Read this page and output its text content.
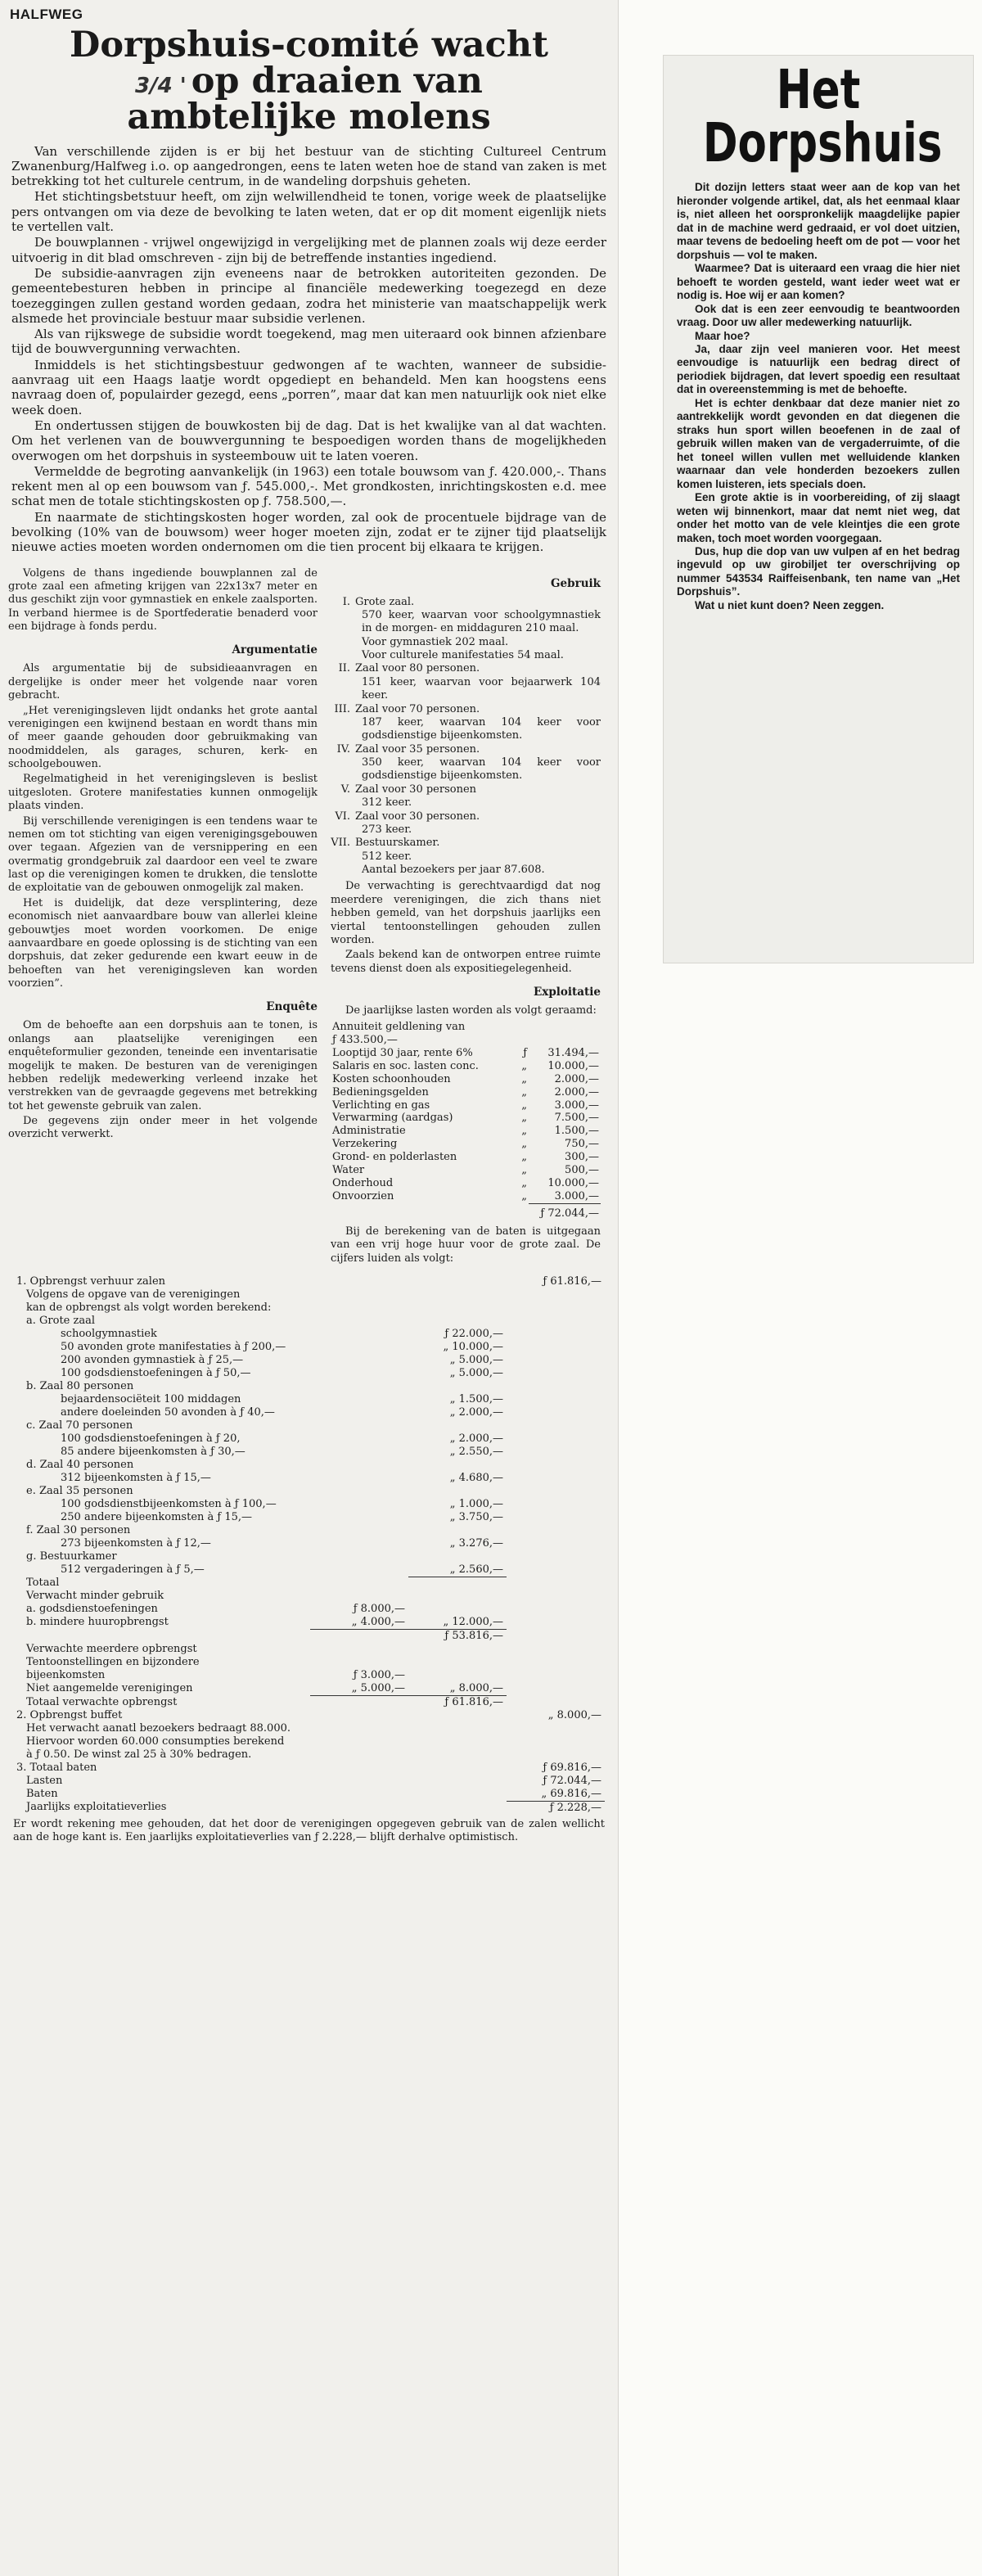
HALFWEG
Dorpshuis-comité wacht
3/4 ' op draaien van
ambtelijke molens

Van verschillende zijden is er bij het bestuur van de stichting Cultureel Centrum Zwanenburg/Halfweg i.o. op aangedrongen, eens te laten weten hoe de stand van zaken is met betrekking tot het culturele centrum, in de wandeling dorpshuis geheten.

Het stichtingsbetstuur heeft, om zijn welwillendheid te tonen, vorige week de plaatselijke pers ontvangen om via deze de bevolking te laten weten, dat er op dit moment eigenlijk niets te vertellen valt.

De bouwplannen - vrijwel ongewijzigd in vergelijking met de plannen zoals wij deze eerder uitvoerig in dit blad omschreven - zijn bij de betreffende instanties ingediend.

De subsidie-aanvragen zijn eveneens naar de betrokken autoriteiten gezonden. De gemeentebesturen hebben in principe al financiële medewerking toegezegd en deze toezeggingen zullen gestand worden gedaan, zodra het ministerie van maatschappelijk werk alsmede het provinciale bestuur maar subsidie verlenen.

Als van rijkswege de subsidie wordt toegekend, mag men uiteraard ook binnen afzienbare tijd de bouwvergunning verwachten.

Inmiddels is het stichtingsbestuur gedwongen af te wachten, wanneer de subsidie-aanvraag uit een Haags laatje wordt opgediept en behandeld. Men kan hoogstens eens navraag doen of, populairder gezegd, eens „porren”, maar dat kan men natuurlijk ook niet elke week doen.

En ondertussen stijgen de bouwkosten bij de dag. Dat is het kwalijke van al dat wachten. Om het verlenen van de bouwvergunning te bespoedigen worden thans de mogelijkheden overwogen om het dorpshuis in systeembouw uit te laten voeren.

Vermeldde de begroting aanvankelijk (in 1963) een totale bouwsom van ƒ. 420.000,-. Thans rekent men al op een bouwsom van ƒ. 545.000,-. Met grondkosten, inrichtingskosten e.d. mee schat men de totale stichtingskosten op ƒ. 758.500,—.

En naarmate de stichtingskosten hoger worden, zal ook de procentuele bijdrage van de bevolking (10% van de bouwsom) weer hoger moeten zijn, zodat er te zijner tijd plaatselijk nieuwe acties moeten worden ondernomen om die tien procent bij elkaara te krijgen.

Volgens de thans ingediende bouwplannen zal de grote zaal een afmeting krijgen van 22x13x7 meter en dus geschikt zijn voor gymnastiek en enkele zaalsporten. In verband hiermee is de Sportfederatie benaderd voor een bijdrage à fonds perdu.

Argumentatie

Als argumentatie bij de subsidieaanvragen en dergelijke is onder meer het volgende naar voren gebracht.

„Het verenigingsleven lijdt ondanks het grote aantal verenigingen een kwijnend bestaan en wordt thans min of meer gaande gehouden door gebruikmaking van noodmiddelen, als garages, schuren, kerk- en schoolgebouwen.

Regelmatigheid in het verenigingsleven is beslist uitgesloten. Grotere manifestaties kunnen onmogelijk plaats vinden.

Bij verschillende verenigingen is een tendens waar te nemen om tot stichting van eigen verenigingsgebouwen over tegaan. Afgezien van de versnippering en een overmatig grondgebruik zal daardoor een veel te zware last op die verenigingen komen te drukken, die tenslotte de exploitatie van de gebouwen onmogelijk zal maken.

Het is duidelijk, dat deze versplintering, deze economisch niet aanvaardbare bouw van allerlei kleine gebouwtjes moet worden voorkomen. De enige aanvaardbare en goede oplossing is de stichting van een dorpshuis, dat zeker gedurende een kwart eeuw in de behoeften van het verenigingsleven kan worden voorzien”.

Enquête

Om de behoefte aan een dorpshuis aan te tonen, is onlangs aan plaatselijke verenigingen een enquêteformulier gezonden, teneinde een inventarisatie mogelijk te maken. De besturen van de verenigingen hebben redelijk medewerking verleend inzake het verstrekken van de gevraagde gegevens met betrekking tot het gewenste gebruik van zalen.

De gegevens zijn onder meer in het volgende overzicht verwerkt.

Gebruik
I. Grote zaal.
570 keer, waarvan voor schoolgymnastiek in de morgen- en middaguren 210 maal.
Voor gymnastiek 202 maal.
Voor culturele manifestaties 54 maal.
II. Zaal voor 80 personen.
151 keer, waarvan voor bejaarwerk 104 keer.
III. Zaal voor 70 personen.
187 keer, waarvan 104 keer voor godsdienstige bijeenkomsten.
IV. Zaal voor 35 personen.
350 keer, waarvan 104 keer voor godsdienstige bijeenkomsten.
V. Zaal voor 30 personen
312 keer.
VI. Zaal voor 30 personen.
273 keer.
VII. Bestuurskamer.
512 keer.
Aantal bezoekers per jaar 87.608.

De verwachting is gerechtvaardigd dat nog meerdere verenigingen, die zich thans niet hebben gemeld, van het dorpshuis jaarlijks een viertal tentoonstellingen gehouden zullen worden.

Zaals bekend kan de ontworpen entree ruimte tevens dienst doen als expositiegelegenheid.

Exploitatie

De jaarlijkse lasten worden als volgt geraamd:

Annuiteit geldlening van		
ƒ 433.500,—		
Looptijd 30 jaar, rente 6%	ƒ	31.494,—
Salaris en soc. lasten conc.	„	10.000,—
Kosten schoonhouden	„	2.000,—
Bedieningsgelden	„	2.000,—
Verlichting en gas	„	3.000,—
Verwarming (aardgas)	„	7.500,—
Administratie	„	1.500,—
Verzekering	„	750,—
Grond- en polderlasten	„	300,—
Water	„	500,—
Onderhoud	„	10.000,—
Onvoorzien	„	3.000,—
ƒ 72.044,—

Bij de berekening van de baten is uitgegaan van een vrij hoge huur voor de grote zaal. De cijfers luiden als volgt:

1. Opbrengst verhuur zalen			ƒ 61.816,—
Volgens de opgave van de verenigingen			
kan de opbrengst als volgt worden berekend:			
a. Grote zaal			
schoolgymnastiek		ƒ 22.000,—	
50 avonden grote manifestaties à ƒ 200,—		„ 10.000,—	
200 avonden gymnastiek à ƒ 25,—		„ 5.000,—	
100 godsdienstoefeningen à ƒ 50,—		„ 5.000,—	
b. Zaal 80 personen			
bejaardensociëteit 100 middagen		„ 1.500,—	
andere doeleinden 50 avonden à ƒ 40,—		„ 2.000,—	
c. Zaal 70 personen			
100 godsdienstoefeningen à ƒ 20,		„ 2.000,—	
85 andere bijeenkomsten à ƒ 30,—		„ 2.550,—	
d. Zaal 40 personen			
312 bijeenkomsten à ƒ 15,—		„ 4.680,—	
e. Zaal 35 personen			
100 godsdienstbijeenkomsten à ƒ 100,—		„ 1.000,—	
250 andere bijeenkomsten à ƒ 15,—		„ 3.750,—	
f. Zaal 30 personen			
273 bijeenkomsten à ƒ 12,—		„ 3.276,—	
g. Bestuurkamer			
512 vergaderingen à ƒ 5,—		„ 2.560,—	
Totaal			
Verwacht minder gebruik			
a. godsdienstoefeningen	ƒ 8.000,—		
b. mindere huuropbrengst	„ 4.000,—	„ 12.000,—	
		ƒ 53.816,—	
Verwachte meerdere opbrengst			
Tentoonstellingen en bijzondere			
bijeenkomsten	ƒ 3.000,—		
Niet aangemelde verenigingen	„ 5.000,—	„ 8.000,—	
Totaal verwachte opbrengst		ƒ 61.816,—	
2. Opbrengst buffet			„ 8.000,—
Het verwacht aanatl bezoekers bedraagt 88.000.			
Hiervoor worden 60.000 consumpties berekend			
à ƒ 0.50. De winst zal 25 à 30% bedragen.			
3. Totaal baten			ƒ 69.816,—
Lasten			ƒ 72.044,—
Baten			„ 69.816,—
Jaarlijks exploitatieverlies			ƒ 2.228,—
Er wordt rekening mee gehouden, dat het door de verenigingen opgegeven gebruik van de zalen wellicht aan de hoge kant is. Een jaarlijks exploitatieverlies van ƒ 2.228,— blijft derhalve optimistisch.
Het
Dorpshuis

Dit dozijn letters staat weer aan de kop van het hieronder volgende artikel, dat, als het eenmaal klaar is, niet alleen het oorspronkelijk maagdelijke papier dat in de machine werd gedraaid, er vol doet uitzien, maar tevens de bedoeling heeft om de pot — voor het dorpshuis — vol te maken.

Waarmee? Dat is uiteraard een vraag die hier niet behoeft te worden gesteld, want ieder weet wat er nodig is. Hoe wij er aan komen?

Ook dat is een zeer eenvoudig te beantwoorden vraag. Door uw aller medewerking natuurlijk.

Maar hoe?

Ja, daar zijn veel manieren voor. Het meest eenvoudige is natuurlijk een bedrag direct of periodiek bijdragen, dat levert spoedig een resultaat dat in overeenstemming is met de behoefte.

Het is echter denkbaar dat deze manier niet zo aantrekkelijk wordt gevonden en dat diegenen die straks hun sport willen beoefenen in de zaal of gebruik willen maken van de vergaderruimte, of die het toneel willen vullen met welluidende klanken waarnaar dan vele honderden bezoekers zullen komen luisteren, iets specials doen.

Een grote aktie is in voorbereiding, of zij slaagt weten wij binnenkort, maar dat nemt niet weg, dat onder het motto van de vele kleintjes die een grote maken, toch moet worden voorgegaan.

Dus, hup die dop van uw vulpen af en het bedrag ingevuld op uw girobiljet ter overschrijving op nummer 543534 Raiffeisenbank, ten name van „Het Dorpshuis”.

Wat u niet kunt doen? Neen zeggen.
